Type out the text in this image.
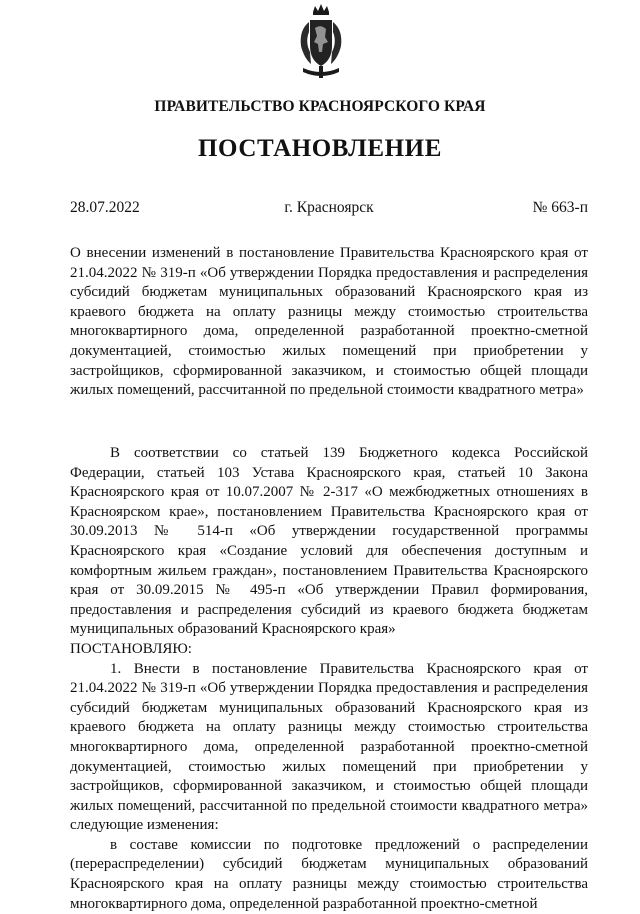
ПРАВИТЕЛЬСТВО КРАСНОЯРСКОГО КРАЯ
ПОСТАНОВЛЕНИЕ
28.07.2022	г. Красноярск	№ 663-п
О внесении изменений в постановление Правительства Красноярского края от 21.04.2022 № 319-п «Об утверждении Порядка предоставления и распределения субсидий бюджетам муниципальных образований Красноярского края из краевого бюджета на оплату разницы между стоимостью строительства многоквартирного дома, определенной разработанной проектно-сметной документацией, стоимостью жилых помещений при приобретении у застройщиков, сформированной заказчиком, и стоимостью общей площади жилых помещений, рассчитанной по предельной стоимости квадратного метра»

В соответствии со статьей 139 Бюджетного кодекса Российской Федерации, статьей 103 Устава Красноярского края, статьей 10 Закона Красноярского края от 10.07.2007 № 2-317 «О межбюджетных отношениях в Красноярском крае», постановлением Правительства Красноярского края от 30.09.2013 № 514-п «Об утверждении государственной программы Красноярского края «Создание условий для обеспечения доступным и комфортным жильем граждан», постановлением Правительства Красноярского края от 30.09.2015 № 495-п «Об утверждении Правил формирования, предоставления и распределения субсидий из краевого бюджета бюджетам муниципальных образований Красноярского края»

ПОСТАНОВЛЯЮ:

1. Внести в постановление Правительства Красноярского края от 21.04.2022 № 319-п «Об утверждении Порядка предоставления и распределения субсидий бюджетам муниципальных образований Красноярского края из краевого бюджета на оплату разницы между стоимостью строительства многоквартирного дома, определенной разработанной проектно-сметной документацией, стоимостью жилых помещений при приобретении у застройщиков, сформированной заказчиком, и стоимостью общей площади жилых помещений, рассчитанной по предельной стоимости квадратного метра» следующие изменения:

в составе комиссии по подготовке предложений о распределении (перераспределении) субсидий бюджетам муниципальных образований Красноярского края на оплату разницы между стоимостью строительства многоквартирного дома, определенной разработанной проектно-сметной
